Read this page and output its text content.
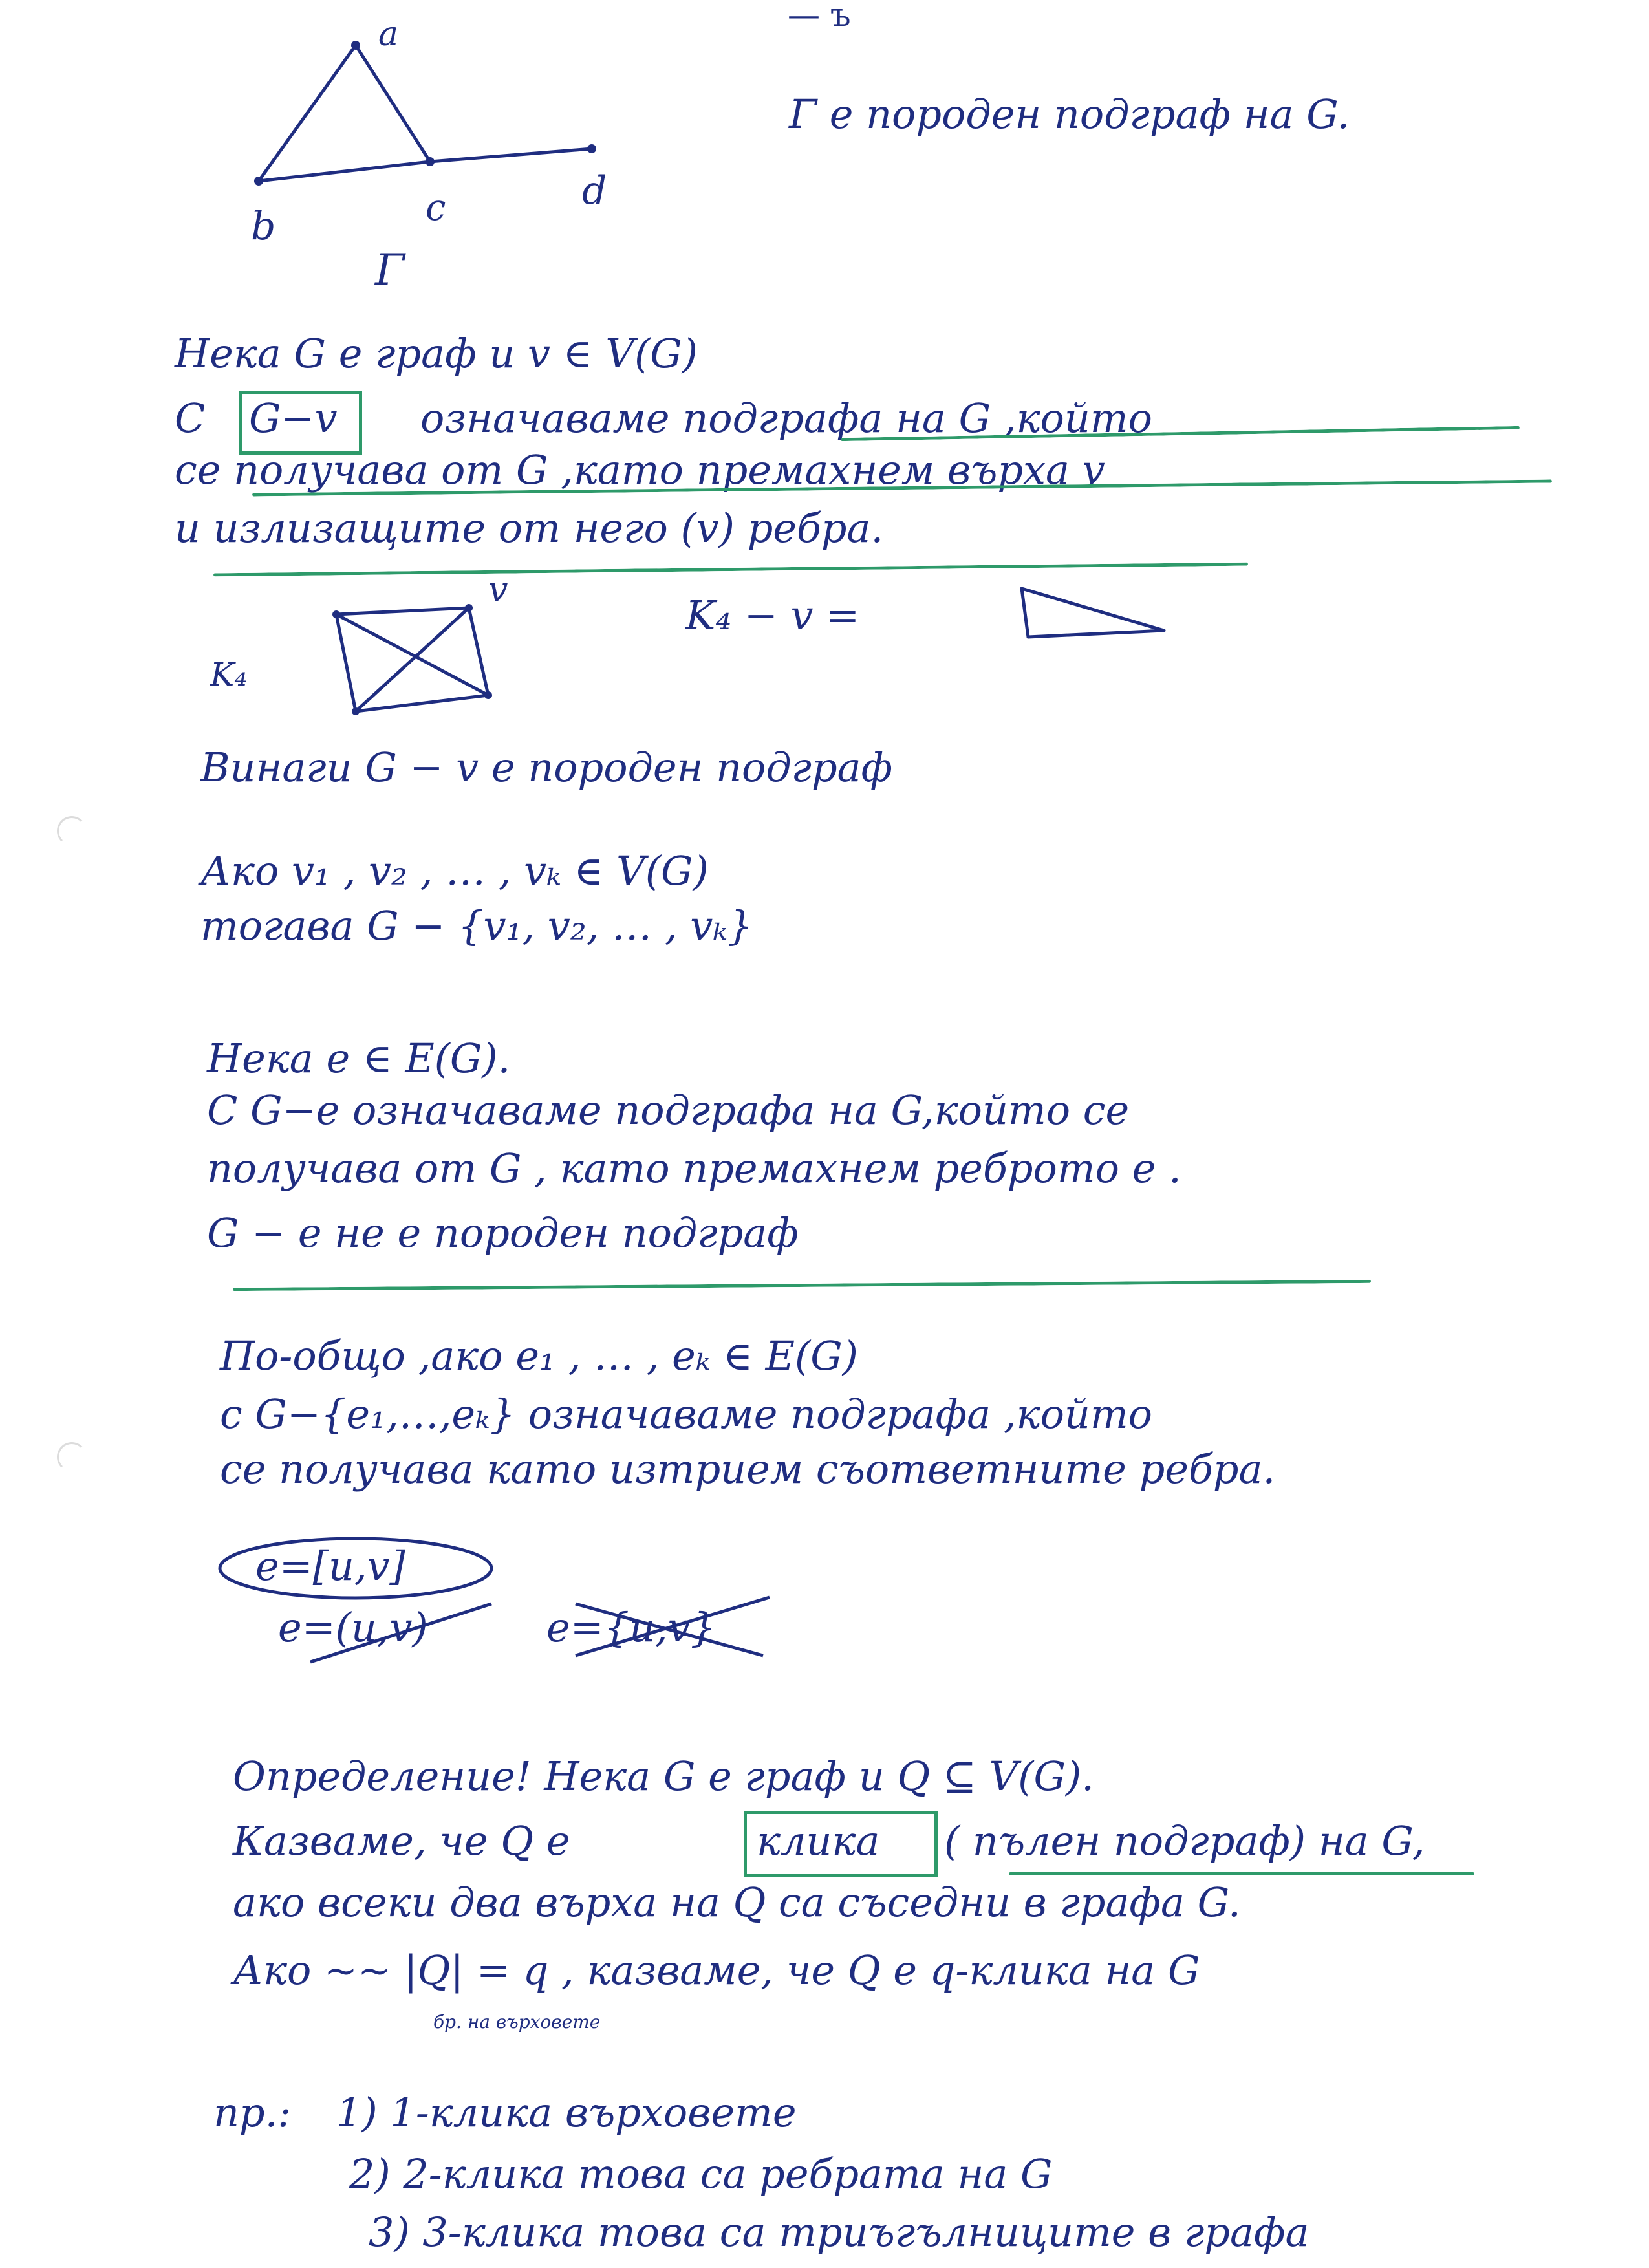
— ъ
a
b	c	d
Γ
Γ е породен подграф на G.
Нека G е граф и v ∈ V(G)
С G−v означаваме подграфа на G ,който
се получава от G ,като премахнем върха v
и излизащите от него (v) ребра.
v
K₄
K₄ − v =
Винаги G − v е породен подграф
Ако v₁ , v₂ , … , vₖ ∈ V(G)
тогава G − {v₁, v₂, … , vₖ}
Нека e ∈ E(G).
С G−e означаваме подграфа на G,който се
получава от G , като премахнем реброто e .
G − e не е породен подграф
По-общо ,ако e₁ , … , eₖ ∈ E(G)
с G−{e₁,…,eₖ} означаваме подграфа ,който
се получава като изтрием съответните ребра.
e=[u,v]
e=(u,v)	e={u,v}
Определение! Нека G е граф и Q ⊆ V(G).
Казваме, че Q е	клика ( пълен подграф) на G,
ако всеки два върха на Q са съседни в графа G.
Ако ~~ |Q| = q , казваме, че Q е q-клика на G
бр. на върховете
пр.: 1) 1-клика върховете
2) 2-клика това са ребрата на G
3) 3-клика това са триъгълниците в графа
